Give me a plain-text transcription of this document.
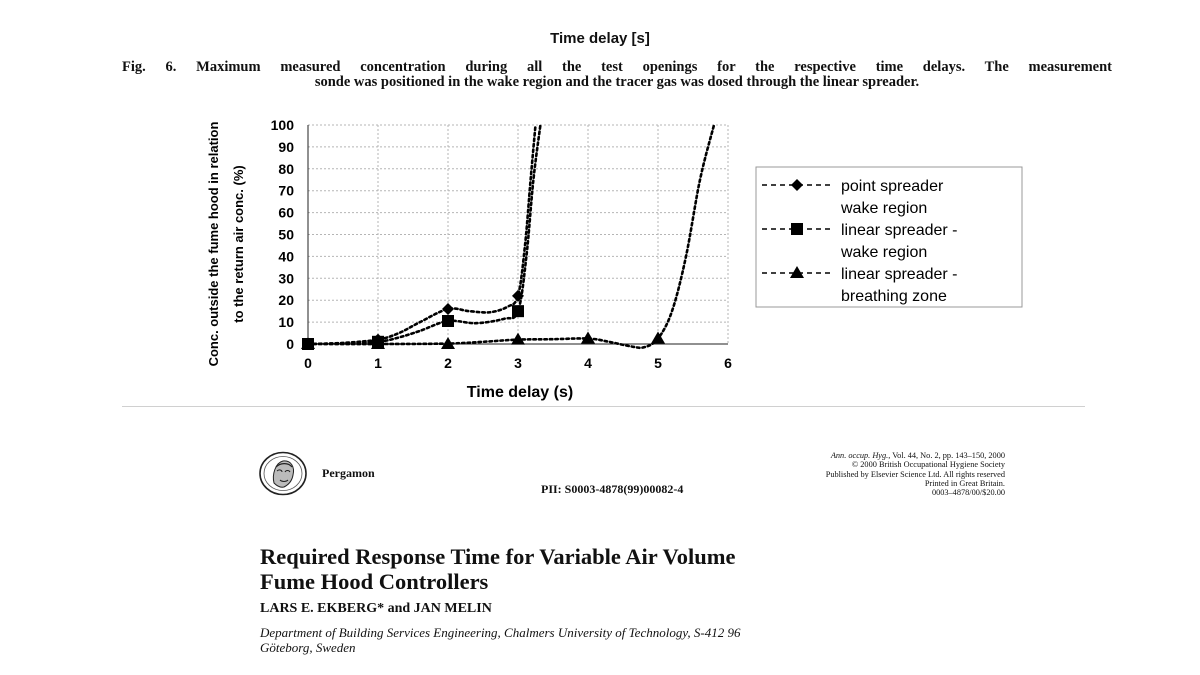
Time delay [s]
Fig. 6. Maximum measured concentration during all the test openings for the respective time delays. The measurement
sonde was positioned in the wake region and the tracer gas was dosed through the linear spreader.
0
10
20
30
40
50
60
70
80
90
100
0	1	2	3	4	5	6
Time delay (s)
Conc. outside the fume hood in relation to the return air conc. (%)	point spreader
wake region
linear spreader -
wake region
linear spreader -
breathing zone
Pergamon
PII: S0003-4878(99)00082-4
Ann. occup. Hyg., Vol. 44, No. 2, pp. 143–150, 2000
© 2000 British Occupational Hygiene Society
Published by Elsevier Science Ltd. All rights reserved
Printed in Great Britain.
0003–4878/00/$20.00
Required Response Time for Variable Air Volume
Fume Hood Controllers
LARS E. EKBERG* and JAN MELIN
Department of Building Services Engineering, Chalmers University of Technology, S-412 96
Göteborg, Sweden
